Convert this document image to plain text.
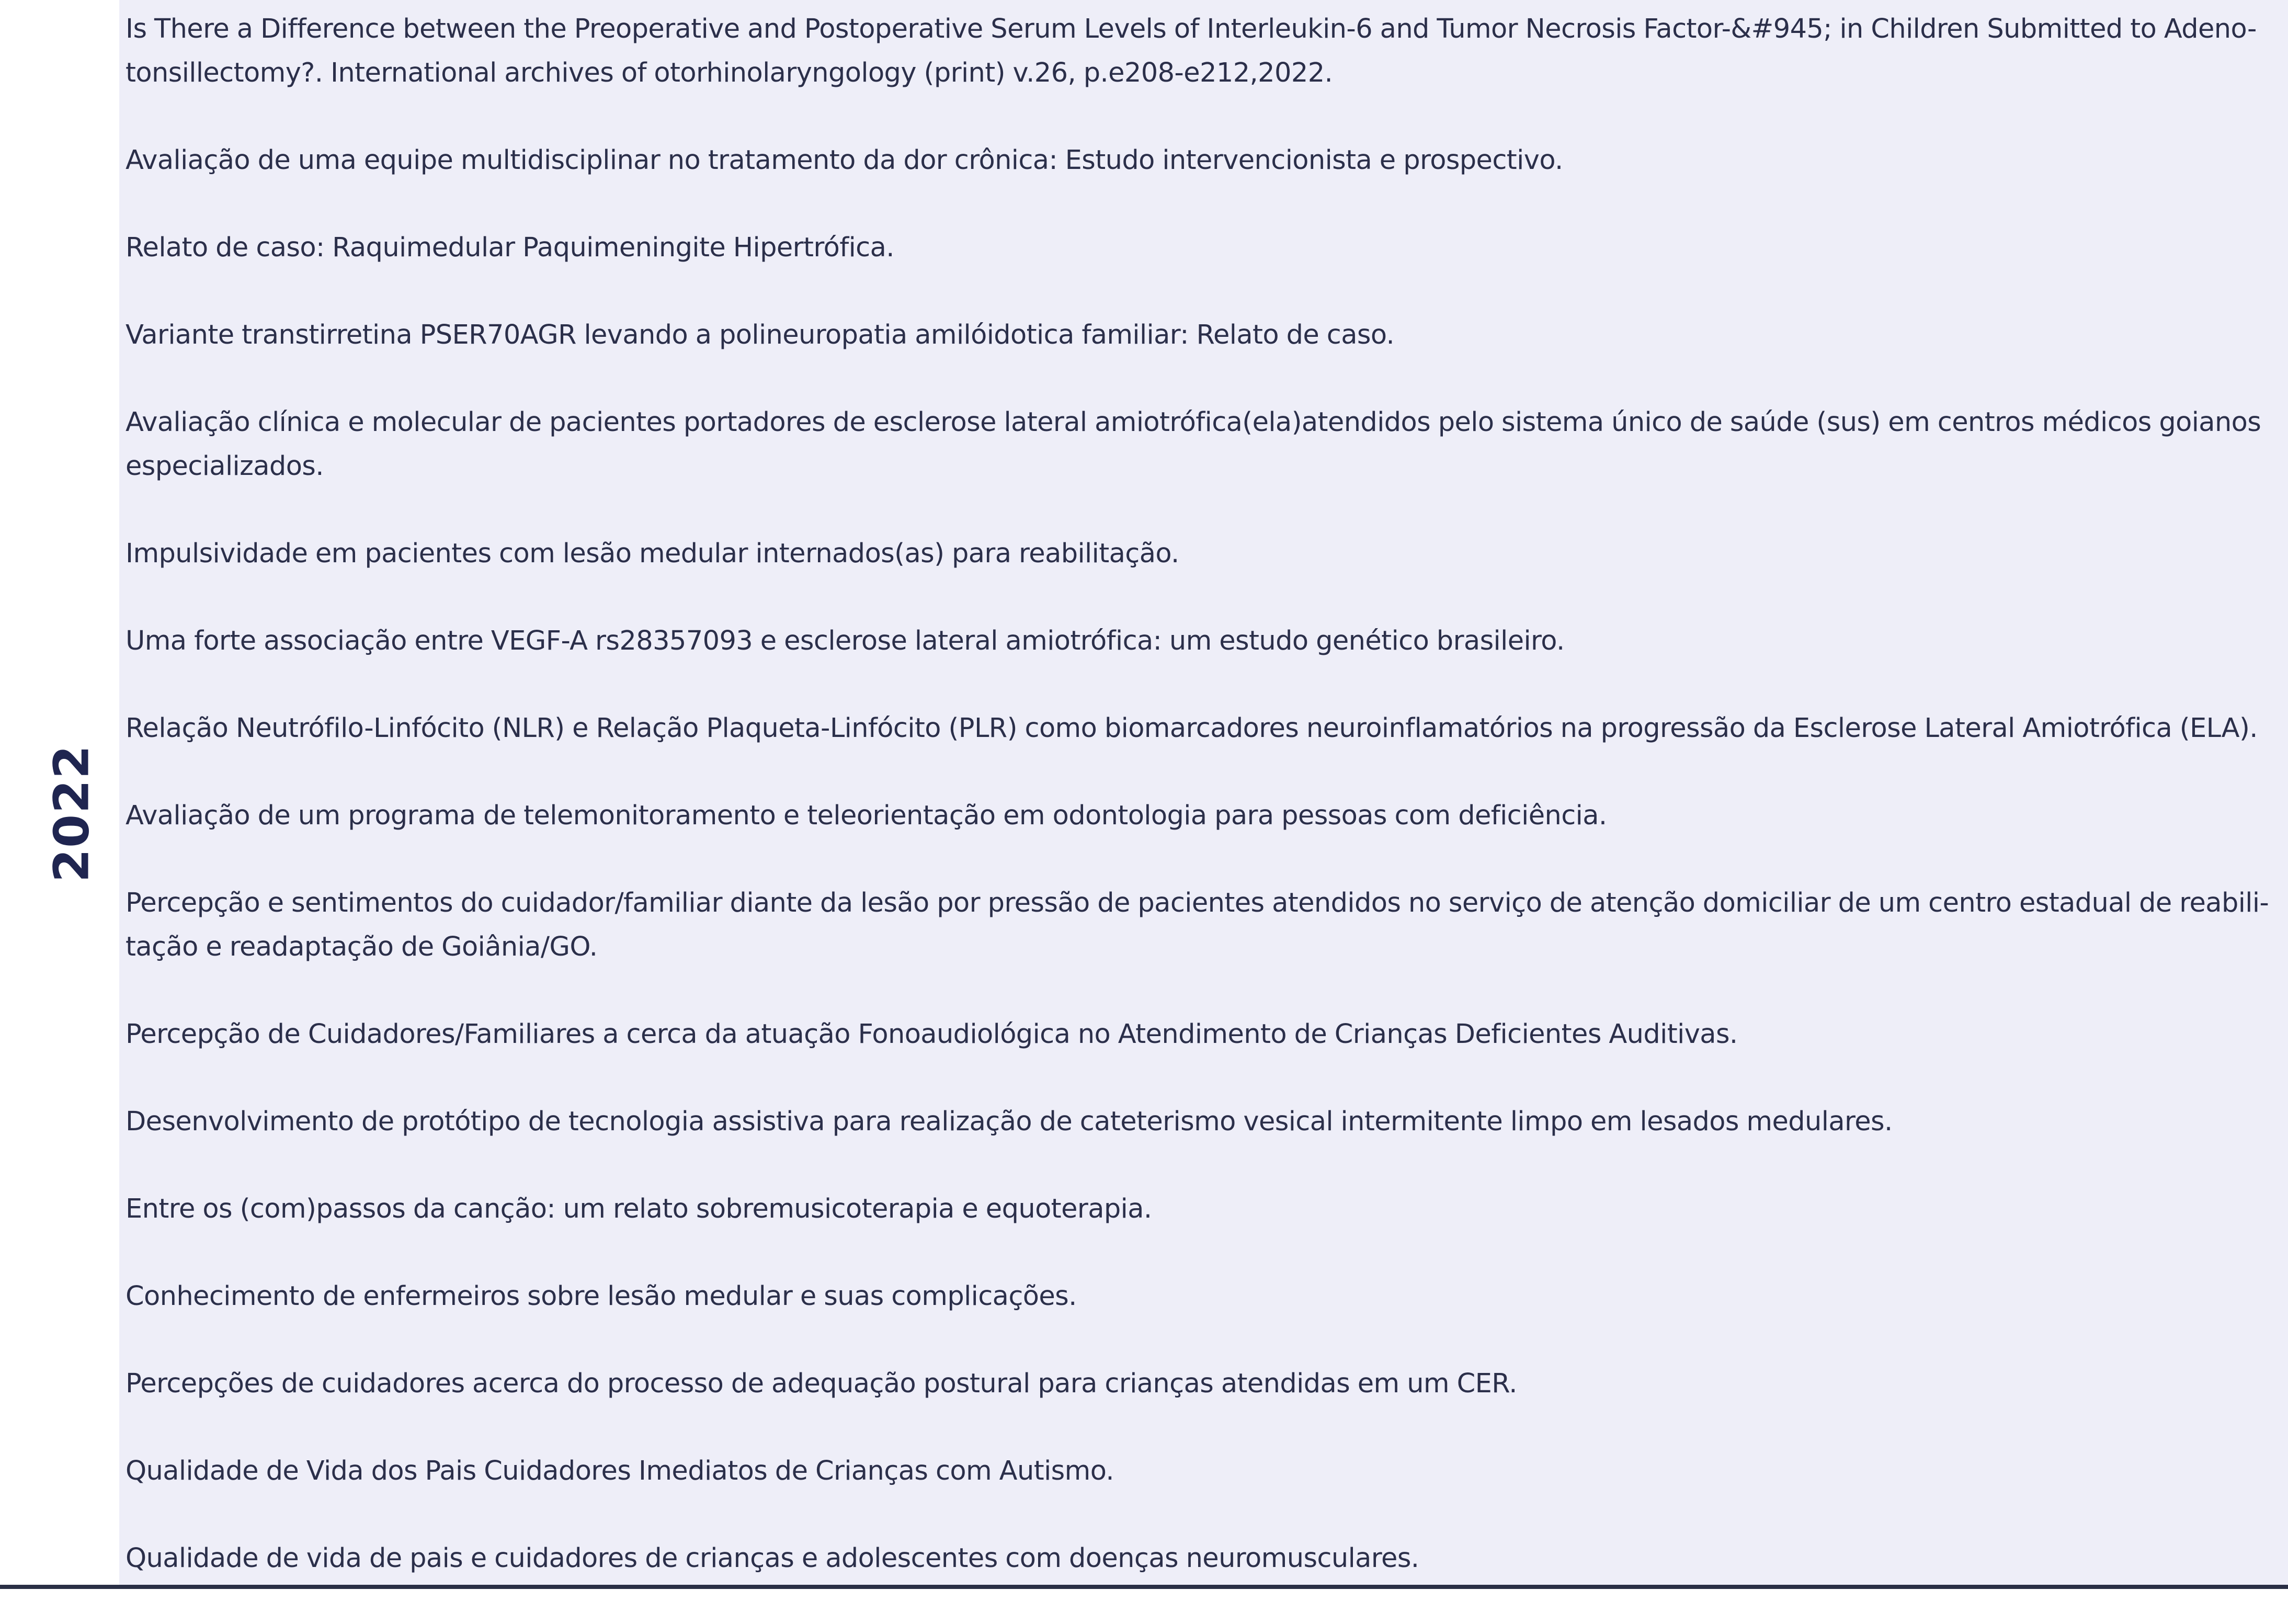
2022
Is There a Difference between the Preoperative and Postoperative Serum Levels of Interleukin-6 and Tumor Necrosis Factor-&#945; in Children Submitted to Adeno-tonsillectomy?. International archives of otorhinolaryngology (print) v.26, p.e208-e212,2022.
Avaliação de uma equipe multidisciplinar no tratamento da dor crônica: Estudo intervencionista e prospectivo.
Relato de caso: Raquimedular Paquimeningite Hipertrófica.
Variante transtirretina PSER70AGR levando a polineuropatia amilóidotica familiar: Relato de caso.
Avaliação clínica e molecular de pacientes portadores de esclerose lateral amiotrófica(ela)atendidos pelo sistema único de saúde (sus) em centros médicos goianos especializados.
Impulsividade em pacientes com lesão medular internados(as) para reabilitação.
Uma forte associação entre VEGF-A rs28357093 e esclerose lateral amiotrófica: um estudo genético brasileiro.
Relação Neutrófilo-Linfócito (NLR) e Relação Plaqueta-Linfócito (PLR) como biomarcadores neuroinflamatórios na progressão da Esclerose Lateral Amiotrófica (ELA).
Avaliação de um programa de telemonitoramento e teleorientação em odontologia para pessoas com deficiência.
Percepção e sentimentos do cuidador/familiar diante da lesão por pressão de pacientes atendidos no serviço de atenção domiciliar de um centro estadual de reabili-tação e readaptação de Goiânia/GO.
Percepção de Cuidadores/Familiares a cerca da atuação Fonoaudiológica no Atendimento de Crianças Deficientes Auditivas.
Desenvolvimento de protótipo de tecnologia assistiva para realização de cateterismo vesical intermitente limpo em lesados medulares.
Entre os (com)passos da canção: um relato sobremusicoterapia e equoterapia.
Conhecimento de enfermeiros sobre lesão medular e suas complicações.
Percepções de cuidadores acerca do processo de adequação postural para crianças atendidas em um CER.
Qualidade de Vida dos Pais Cuidadores Imediatos de Crianças com Autismo.
Qualidade de vida de pais e cuidadores de crianças e adolescentes com doenças neuromusculares.
